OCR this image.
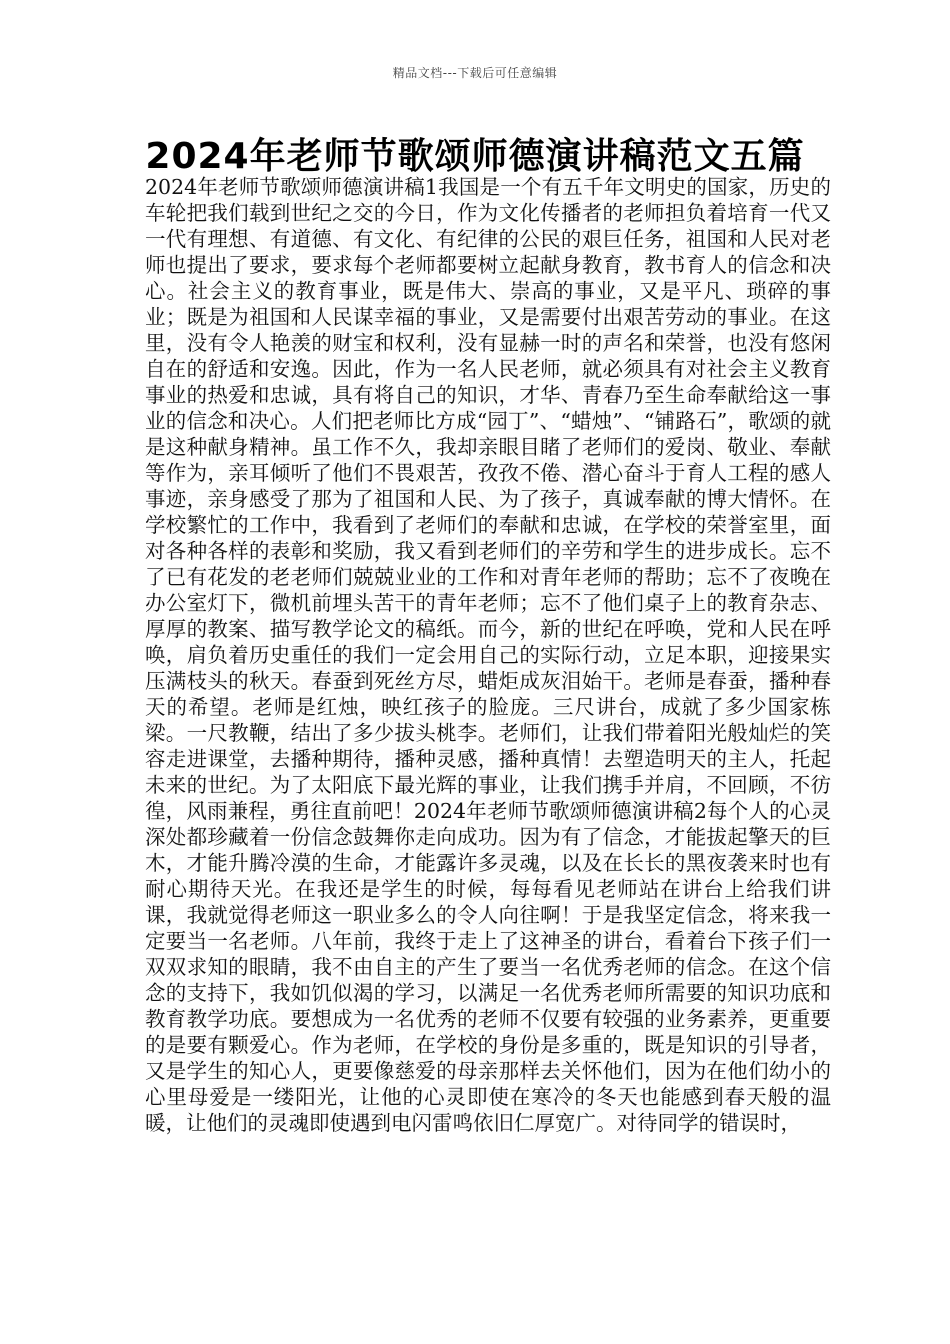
精品文档---下载后可任意编辑
2024年老师节歌颂师德演讲稿范文五篇

2024年老师节歌颂师德演讲稿1我国是一个有五千年文明史的国家，历史的车轮把我们载到世纪之交的今日，作为文化传播者的老师担负着培育一代又一代有理想、有道德、有文化、有纪律的公民的艰巨任务，祖国和人民对老师也提出了要求，要求每个老师都要树立起献身教育，教书育人的信念和决心。社会主义的教育事业，既是伟大、崇高的事业，又是平凡、琐碎的事业；既是为祖国和人民谋幸福的事业，又是需要付出艰苦劳动的事业。在这里，没有令人艳羡的财宝和权利，没有显赫一时的声名和荣誉，也没有悠闲自在的舒适和安逸。因此，作为一名人民老师，就必须具有对社会主义教育事业的热爱和忠诚，具有将自己的知识，才华、青春乃至生命奉献给这一事业的信念和决心。人们把老师比方成“园丁”、“蜡烛”、“铺路石”，歌颂的就是这种献身精神。虽工作不久，我却亲眼目睹了老师们的爱岗、敬业、奉献等作为，亲耳倾听了他们不畏艰苦，孜孜不倦、潜心奋斗于育人工程的感人事迹，亲身感受了那为了祖国和人民、为了孩子，真诚奉献的博大情怀。在学校繁忙的工作中，我看到了老师们的奉献和忠诚，在学校的荣誉室里，面对各种各样的表彰和奖励，我又看到老师们的辛劳和学生的进步成长。忘不了已有花发的老老师们兢兢业业的工作和对青年老师的帮助；忘不了夜晚在办公室灯下，微机前埋头苦干的青年老师；忘不了他们桌子上的教育杂志、厚厚的教案、描写教学论文的稿纸。而今，新的世纪在呼唤，党和人民在呼唤，肩负着历史重任的我们一定会用自己的实际行动，立足本职，迎接果实压满枝头的秋天。春蚕到死丝方尽，蜡炬成灰泪始干。老师是春蚕，播种春天的希望。老师是红烛，映红孩子的脸庞。三尺讲台，成就了多少国家栋梁。一尺教鞭，结出了多少拔头桃李。老师们，让我们带着阳光般灿烂的笑容走进课堂，去播种期待，播种灵感，播种真情！去塑造明天的主人，托起未来的世纪。为了太阳底下最光辉的事业，让我们携手并肩，不回顾，不彷徨，风雨兼程，勇往直前吧！2024年老师节歌颂师德演讲稿2每个人的心灵深处都珍藏着一份信念鼓舞你走向成功。因为有了信念，才能拔起擎天的巨木，才能升腾冷漠的生命，才能露许多灵魂，以及在长长的黑夜袭来时也有耐心期待天光。在我还是学生的时候，每每看见老师站在讲台上给我们讲课，我就觉得老师这一职业多么的令人向往啊！于是我坚定信念，将来我一定要当一名老师。八年前，我终于走上了这神圣的讲台，看着台下孩子们一双双求知的眼睛，我不由自主的产生了要当一名优秀老师的信念。在这个信念的支持下，我如饥似渴的学习，以满足一名优秀老师所需要的知识功底和教育教学功底。要想成为一名优秀的老师不仅要有较强的业务素养，更重要的是要有颗爱心。作为老师，在学校的身份是多重的，既是知识的引导者，又是学生的知心人，更要像慈爱的母亲那样去关怀他们，因为在他们幼小的心里母爱是一缕阳光，让他的心灵即使在寒冷的冬天也能感到春天般的温暖，让他们的灵魂即使遇到电闪雷鸣依旧仁厚宽广。对待同学的错误时，
